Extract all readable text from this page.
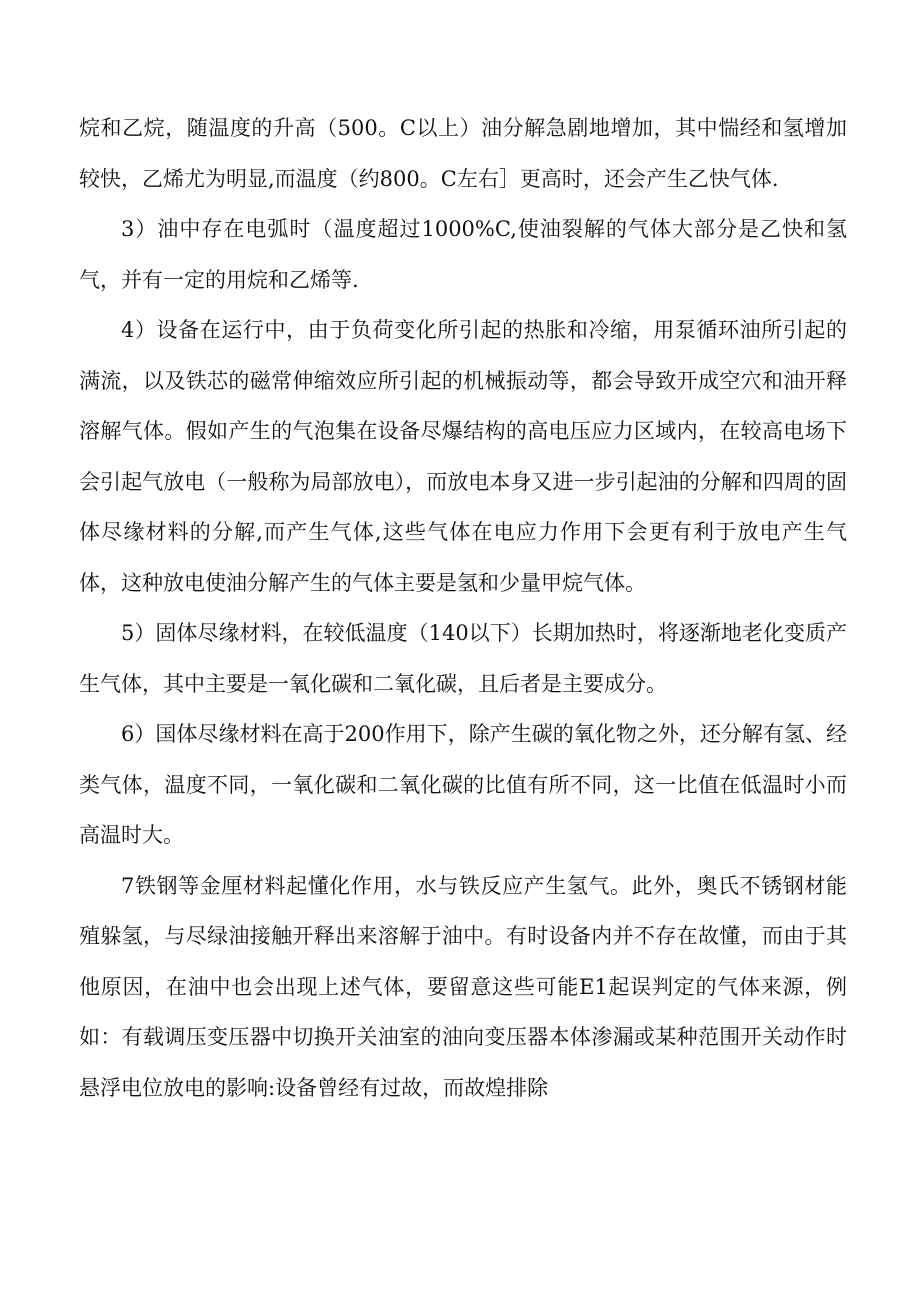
烷和乙烷，随温度的升高（500。C以上）油分解急剧地增加，其中惴经和氢增加较快，乙烯尤为明显,而温度（约800。C左右］更高时，还会产生乙快气体.

3）油中存在电弧时（温度超过1000%C,使油裂解的气体大部分是乙快和氢气，并有一定的用烷和乙烯等.

4）设备在运行中，由于负荷变化所引起的热胀和冷缩，用泵循环油所引起的满流，以及铁芯的磁常伸缩效应所引起的机械振动等，都会导致开成空穴和油开释溶解气体。假如产生的气泡集在设备尽爆结构的高电压应力区域内，在较高电场下会引起气放电（一般称为局部放电），而放电本身又进一步引起油的分解和四周的固体尽缘材料的分解,而产生气体,这些气体在电应力作用下会更有利于放电产生气体，这种放电使油分解产生的气体主要是氢和少量甲烷气体。

5）固体尽缘材料，在较低温度（140以下）长期加热时，将逐渐地老化变质产生气体，其中主要是一氧化碳和二氧化碳，且后者是主要成分。

6）国体尽缘材料在高于200作用下，除产生碳的氧化物之外，还分解有氢、经类气体，温度不同，一氧化碳和二氧化碳的比值有所不同，这一比值在低温时小而高温时大。

7铁钢等金厘材料起懂化作用，水与铁反应产生氢气。此外，奥氏不锈钢材能殖躲氢，与尽绿油接触开释出来溶解于油中。有时设备内并不存在故懂，而由于其他原因，在油中也会出现上述气体，要留意这些可能E1起误判定的气体来源，例如：有载调压变压器中切换开关油室的油向变压器本体渗漏或某种范围开关动作时悬浮电位放电的影响:设备曾经有过故，而故煌排除
